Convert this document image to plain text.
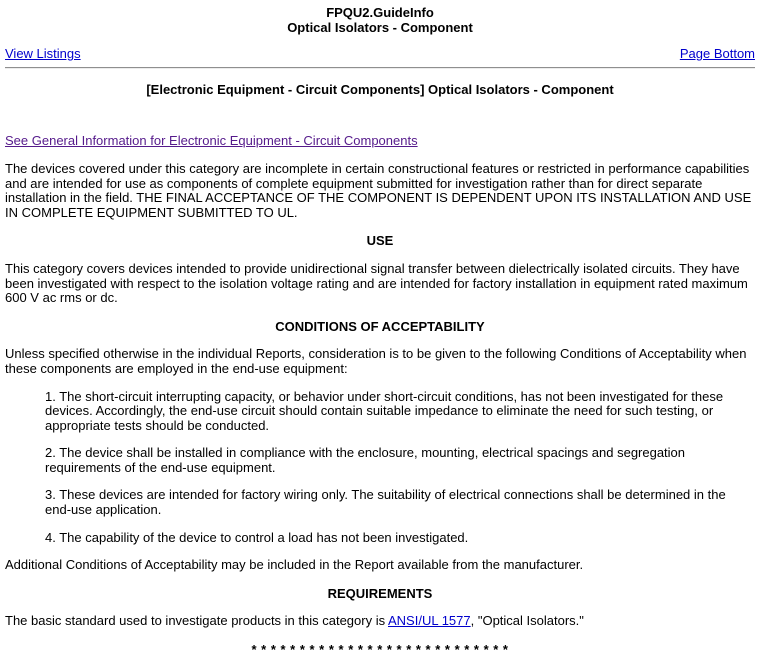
FPQU2.GuideInfo
Optical Isolators - Component
View Listings	Page Bottom
[Electronic Equipment - Circuit Components] Optical Isolators - Component

See General Information for Electronic Equipment - Circuit Components

The devices covered under this category are incomplete in certain constructional features or restricted in performance capabilities and are intended for use as components of complete equipment submitted for investigation rather than for direct separate installation in the field. THE FINAL ACCEPTANCE OF THE COMPONENT IS DEPENDENT UPON ITS INSTALLATION AND USE IN COMPLETE EQUIPMENT SUBMITTED TO UL.

USE

This category covers devices intended to provide unidirectional signal transfer between dielectrically isolated circuits. They have been investigated with respect to the isolation voltage rating and are intended for factory installation in equipment rated maximum 600 V ac rms or dc.

CONDITIONS OF ACCEPTABILITY

Unless specified otherwise in the individual Reports, consideration is to be given to the following Conditions of Acceptability when these components are employed in the end-use equipment:

1. The short-circuit interrupting capacity, or behavior under short-circuit conditions, has not been investigated for these devices. Accordingly, the end-use circuit should contain suitable impedance to eliminate the need for such testing, or appropriate tests should be conducted.

2. The device shall be installed in compliance with the enclosure, mounting, electrical spacings and segregation requirements of the end-use equipment.

3. These devices are intended for factory wiring only. The suitability of electrical connections shall be determined in the end-use application.

4. The capability of the device to control a load has not been investigated.

Additional Conditions of Acceptability may be included in the Report available from the manufacturer.

REQUIREMENTS

The basic standard used to investigate products in this category is ANSI/UL 1577, "Optical Isolators."

* * * * * * * * * * * * * * * * * * * * * * * * * * *
